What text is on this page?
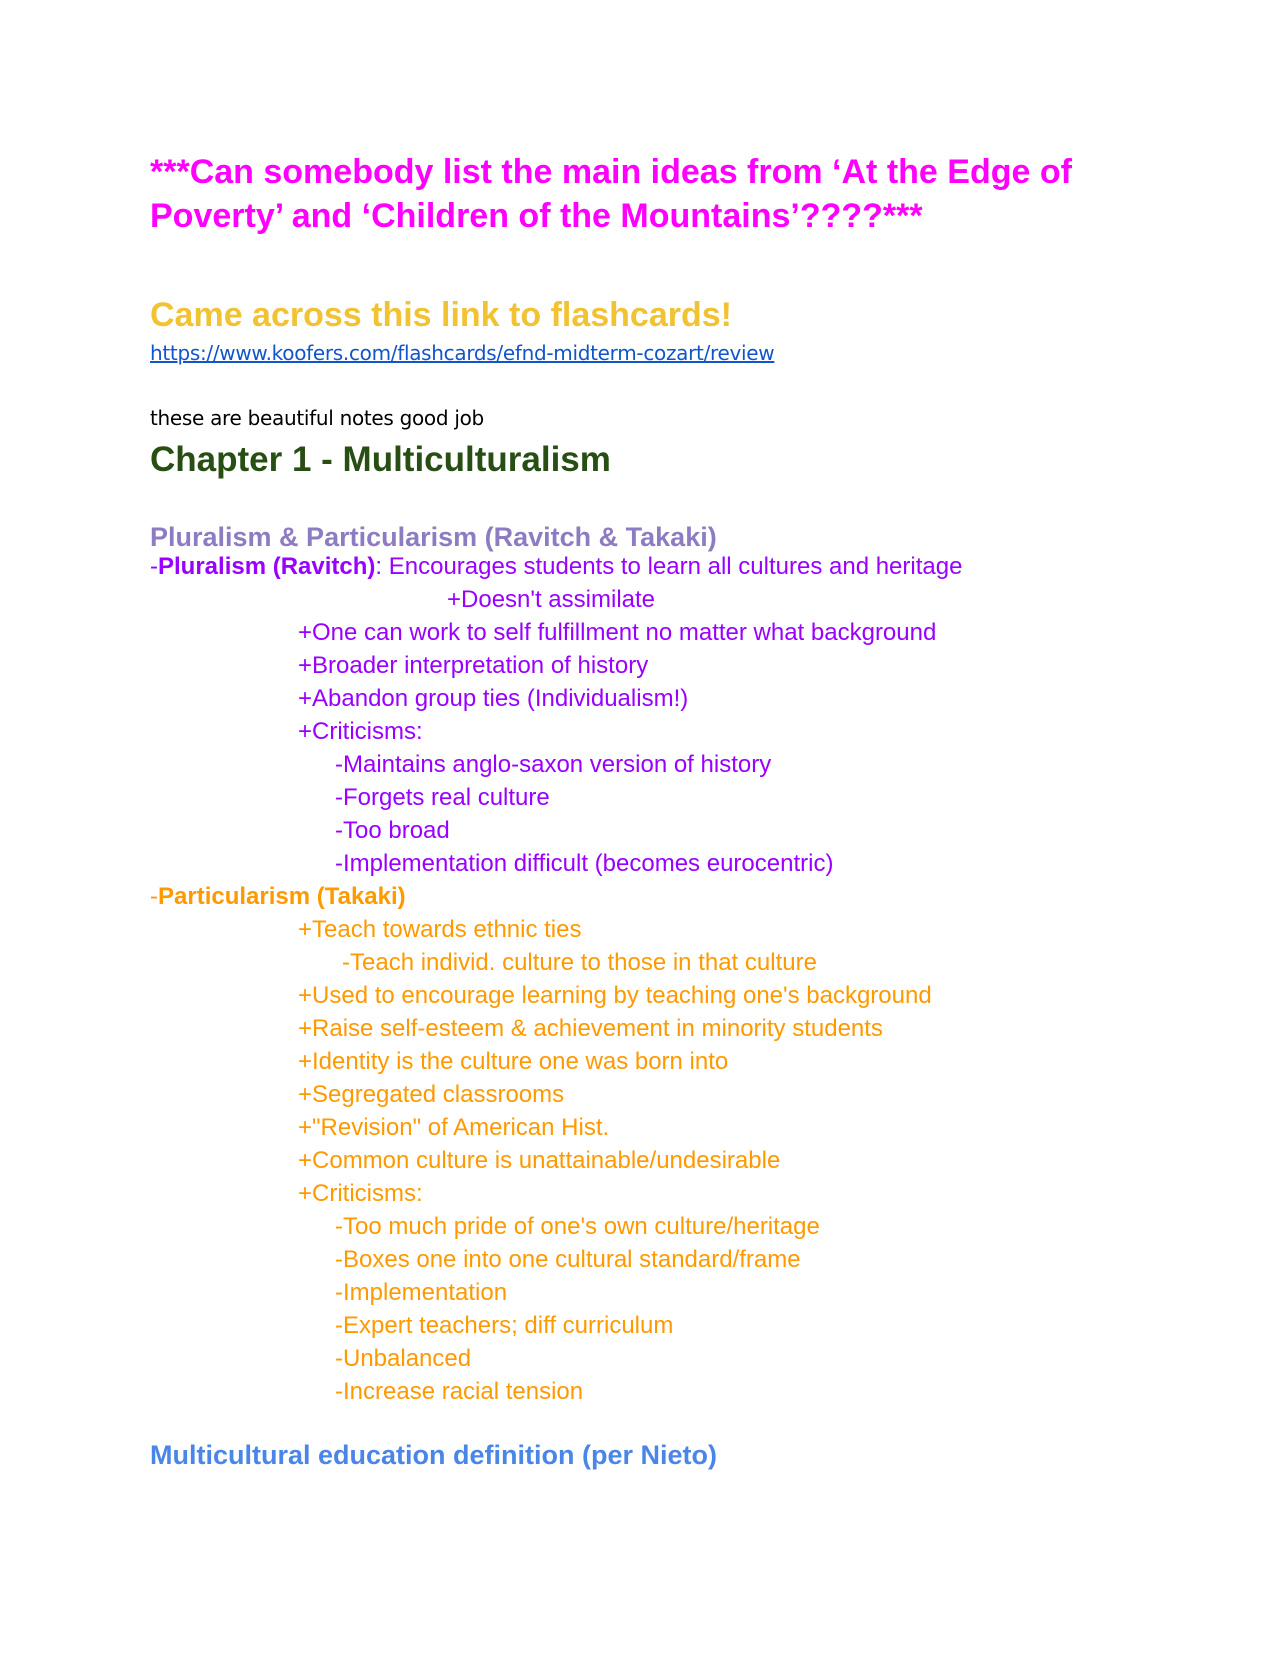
***Can somebody list the main ideas from ‘At the Edge of Poverty’ and ‘Children of the Mountains’????***

Came across this link to flashcards!
https://www.koofers.com/flashcards/efnd-midterm-cozart/review
these are beautiful notes good job
Chapter 1 - Multiculturalism
Pluralism & Particularism (Ravitch & Takaki)
-Pluralism (Ravitch): Encourages students to learn all cultures and heritage
+Doesn't assimilate
+One can work to self fulfillment no matter what background
+Broader interpretation of history
+Abandon group ties (Individualism!)
+Criticisms:
-Maintains anglo-saxon version of history
-Forgets real culture
-Too broad
-Implementation difficult (becomes eurocentric)
-Particularism (Takaki)
+Teach towards ethnic ties
-Teach individ. culture to those in that culture
+Used to encourage learning by teaching one's background
+Raise self-esteem & achievement in minority students
+Identity is the culture one was born into
+Segregated classrooms
+"Revision" of American Hist.
+Common culture is unattainable/undesirable
+Criticisms:
-Too much pride of one's own culture/heritage
-Boxes one into one cultural standard/frame
-Implementation
-Expert teachers; diff curriculum
-Unbalanced
-Increase racial tension
Multicultural education definition (per Nieto)
